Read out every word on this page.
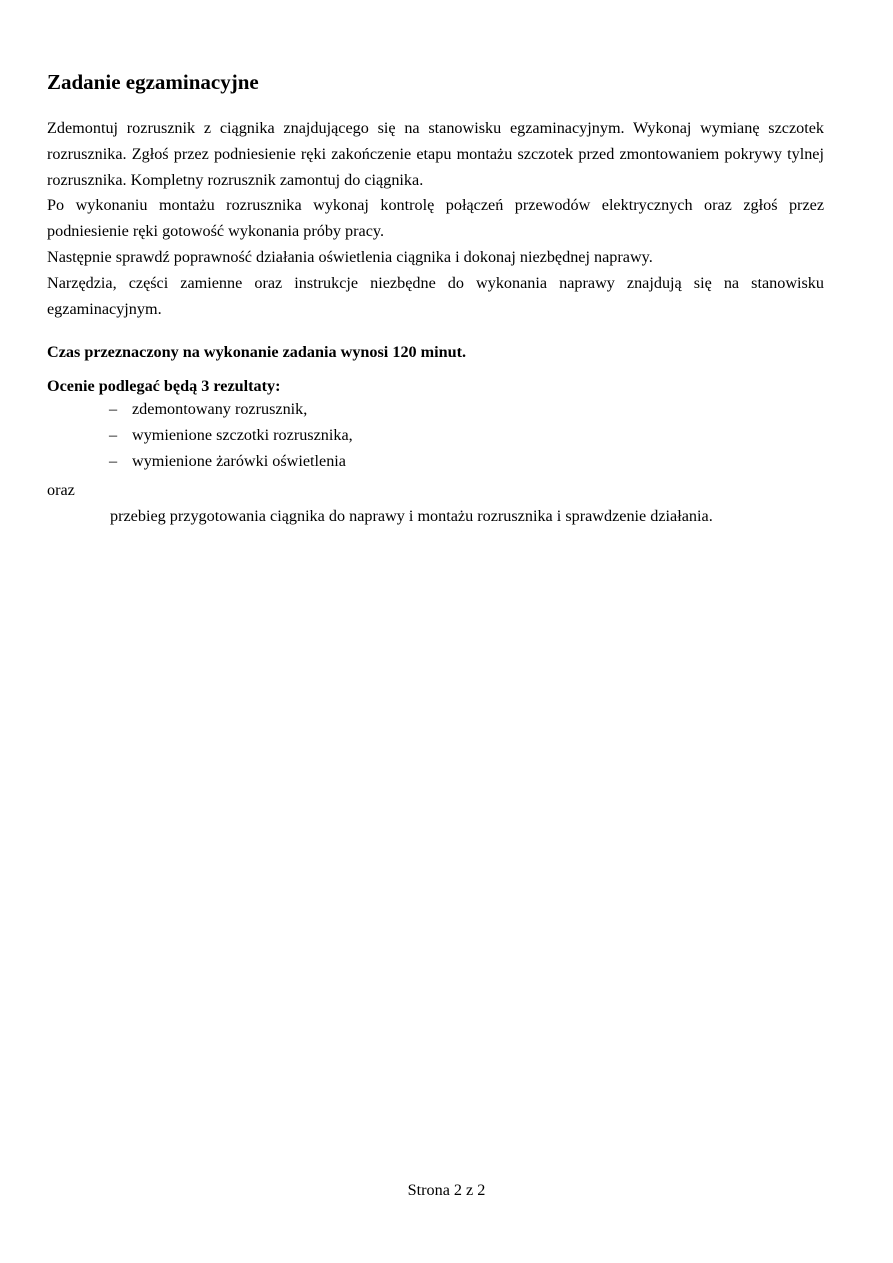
Zadanie egzaminacyjne

Zdemontuj rozrusznik z ciągnika znajdującego się na stanowisku egzaminacyjnym. Wykonaj wymianę szczotek rozrusznika. Zgłoś przez podniesienie ręki zakończenie etapu montażu szczotek przed zmontowaniem pokrywy tylnej rozrusznika. Kompletny rozrusznik zamontuj do ciągnika.

Po wykonaniu montażu rozrusznika wykonaj kontrolę połączeń przewodów elektrycznych oraz zgłoś przez podniesienie ręki gotowość wykonania próby pracy.

Następnie sprawdź poprawność działania oświetlenia ciągnika i dokonaj niezbędnej naprawy.

Narzędzia, części zamienne oraz instrukcje niezbędne do wykonania naprawy znajdują się na stanowisku egzaminacyjnym.

Czas przeznaczony na wykonanie zadania wynosi 120 minut.

Ocenie podlegać będą 3 rezultaty:

– zdemontowany rozrusznik,
– wymienione szczotki rozrusznika,
– wymienione żarówki oświetlenia

oraz

przebieg przygotowania ciągnika do naprawy i montażu rozrusznika i sprawdzenie działania.

Strona 2 z 2
